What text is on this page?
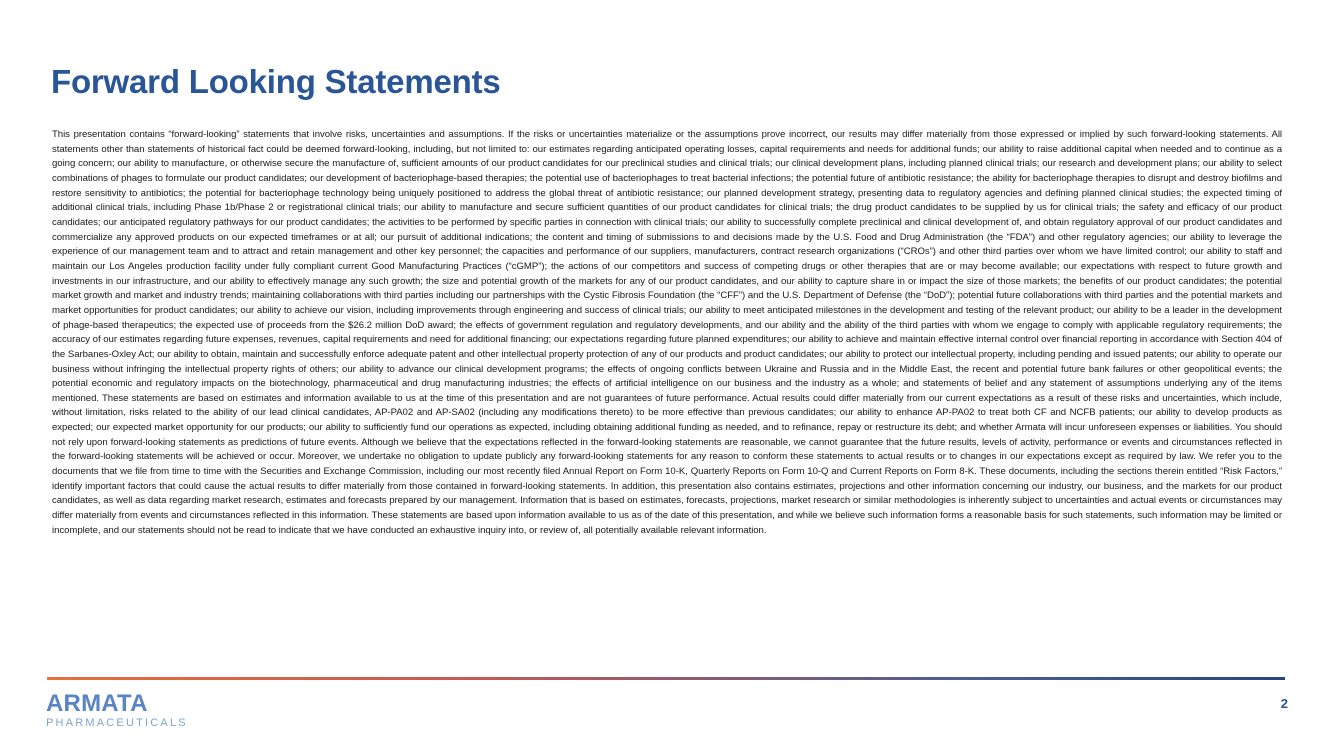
Forward Looking Statements

This presentation contains “forward-looking” statements that involve risks, uncertainties and assumptions. If the risks or uncertainties materialize or the assumptions prove incorrect, our results may differ materially from those expressed or implied by such forward-looking statements. All statements other than statements of historical fact could be deemed forward-looking, including, but not limited to: our estimates regarding anticipated operating losses, capital requirements and needs for additional funds; our ability to raise additional capital when needed and to continue as a going concern; our ability to manufacture, or otherwise secure the manufacture of, sufficient amounts of our product candidates for our preclinical studies and clinical trials; our clinical development plans, including planned clinical trials; our research and development plans; our ability to select combinations of phages to formulate our product candidates; our development of bacteriophage-based therapies; the potential use of bacteriophages to treat bacterial infections; the potential future of antibiotic resistance; the ability for bacteriophage therapies to disrupt and destroy biofilms and restore sensitivity to antibiotics; the potential for bacteriophage technology being uniquely positioned to address the global threat of antibiotic resistance; our planned development strategy, presenting data to regulatory agencies and defining planned clinical studies; the expected timing of additional clinical trials, including Phase 1b/Phase 2 or registrational clinical trials; our ability to manufacture and secure sufficient quantities of our product candidates for clinical trials; the drug product candidates to be supplied by us for clinical trials; the safety and efficacy of our product candidates; our anticipated regulatory pathways for our product candidates; the activities to be performed by specific parties in connection with clinical trials; our ability to successfully complete preclinical and clinical development of, and obtain regulatory approval of our product candidates and commercialize any approved products on our expected timeframes or at all; our pursuit of additional indications; the content and timing of submissions to and decisions made by the U.S. Food and Drug Administration (the “FDA”) and other regulatory agencies; our ability to leverage the experience of our management team and to attract and retain management and other key personnel; the capacities and performance of our suppliers, manufacturers, contract research organizations (“CROs”) and other third parties over whom we have limited control; our ability to staff and maintain our Los Angeles production facility under fully compliant current Good Manufacturing Practices (“cGMP”); the actions of our competitors and success of competing drugs or other therapies that are or may become available; our expectations with respect to future growth and investments in our infrastructure, and our ability to effectively manage any such growth; the size and potential growth of the markets for any of our product candidates, and our ability to capture share in or impact the size of those markets; the benefits of our product candidates; the potential market growth and market and industry trends; maintaining collaborations with third parties including our partnerships with the Cystic Fibrosis Foundation (the “CFF”) and the U.S. Department of Defense (the “DoD”); potential future collaborations with third parties and the potential markets and market opportunities for product candidates; our ability to achieve our vision, including improvements through engineering and success of clinical trials; our ability to meet anticipated milestones in the development and testing of the relevant product; our ability to be a leader in the development of phage-based therapeutics; the expected use of proceeds from the $26.2 million DoD award; the effects of government regulation and regulatory developments, and our ability and the ability of the third parties with whom we engage to comply with applicable regulatory requirements; the accuracy of our estimates regarding future expenses, revenues, capital requirements and need for additional financing; our expectations regarding future planned expenditures; our ability to achieve and maintain effective internal control over financial reporting in accordance with Section 404 of the Sarbanes-Oxley Act; our ability to obtain, maintain and successfully enforce adequate patent and other intellectual property protection of any of our products and product candidates; our ability to protect our intellectual property, including pending and issued patents; our ability to operate our business without infringing the intellectual property rights of others; our ability to advance our clinical development programs; the effects of ongoing conflicts between Ukraine and Russia and in the Middle East, the recent and potential future bank failures or other geopolitical events; the potential economic and regulatory impacts on the biotechnology, pharmaceutical and drug manufacturing industries; the effects of artificial intelligence on our business and the industry as a whole; and statements of belief and any statement of assumptions underlying any of the items mentioned. These statements are based on estimates and information available to us at the time of this presentation and are not guarantees of future performance. Actual results could differ materially from our current expectations as a result of these risks and uncertainties, which include, without limitation, risks related to the ability of our lead clinical candidates, AP-PA02 and AP-SA02 (including any modifications thereto) to be more effective than previous candidates; our ability to enhance AP-PA02 to treat both CF and NCFB patients; our ability to develop products as expected; our expected market opportunity for our products; our ability to sufficiently fund our operations as expected, including obtaining additional funding as needed, and to refinance, repay or restructure its debt; and whether Armata will incur unforeseen expenses or liabilities. You should not rely upon forward-looking statements as predictions of future events. Although we believe that the expectations reflected in the forward-looking statements are reasonable, we cannot guarantee that the future results, levels of activity, performance or events and circumstances reflected in the forward-looking statements will be achieved or occur. Moreover, we undertake no obligation to update publicly any forward-looking statements for any reason to conform these statements to actual results or to changes in our expectations except as required by law. We refer you to the documents that we file from time to time with the Securities and Exchange Commission, including our most recently filed Annual Report on Form 10-K, Quarterly Reports on Form 10-Q and Current Reports on Form 8-K. These documents, including the sections therein entitled “Risk Factors,” identify important factors that could cause the actual results to differ materially from those contained in forward-looking statements. In addition, this presentation also contains estimates, projections and other information concerning our industry, our business, and the markets for our product candidates, as well as data regarding market research, estimates and forecasts prepared by our management. Information that is based on estimates, forecasts, projections, market research or similar methodologies is inherently subject to uncertainties and actual events or circumstances may differ materially from events and circumstances reflected in this information. These statements are based upon information available to us as of the date of this presentation, and while we believe such information forms a reasonable basis for such statements, such information may be limited or incomplete, and our statements should not be read to indicate that we have conducted an exhaustive inquiry into, or review of, all potentially available relevant information.

ARMATA
PHARMACEUTICALS
2
